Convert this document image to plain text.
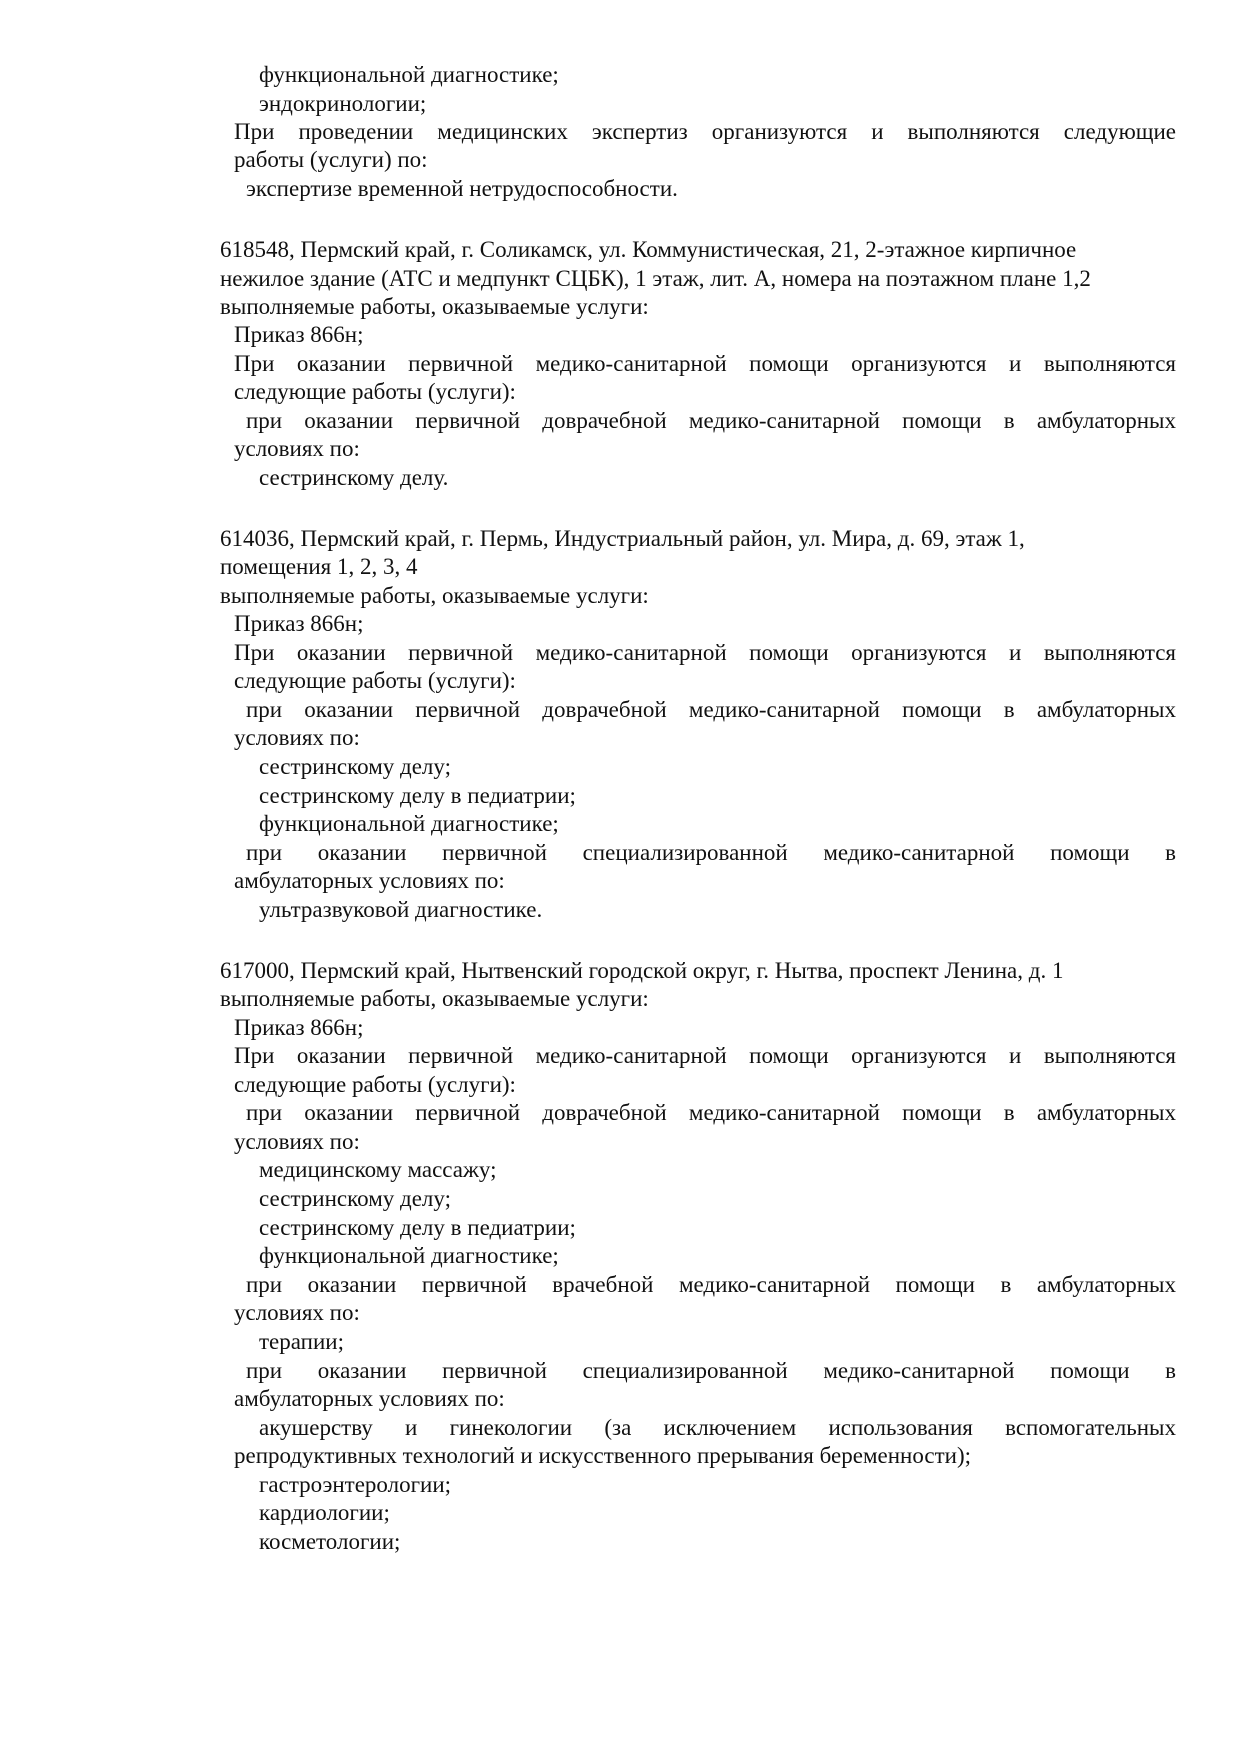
функциональной диагностике;
эндокринологии;
При проведении медицинских экспертиз организуются и выполняются следующие
работы (услуги) по:
экспертизе временной нетрудоспособности.
618548, Пермский край, г. Соликамск, ул. Коммунистическая, 21, 2-этажное кирпичное
нежилое здание (АТС и медпункт СЦБК), 1 этаж, лит. А, номера на поэтажном плане 1,2
выполняемые работы, оказываемые услуги:
Приказ 866н;
При оказании первичной медико-санитарной помощи организуются и выполняются
следующие работы (услуги):
при оказании первичной доврачебной медико-санитарной помощи в амбулаторных
условиях по:
сестринскому делу.
614036, Пермский край, г. Пермь, Индустриальный район, ул. Мира, д. 69, этаж 1,
помещения 1, 2, 3, 4
выполняемые работы, оказываемые услуги:
Приказ 866н;
При оказании первичной медико-санитарной помощи организуются и выполняются
следующие работы (услуги):
при оказании первичной доврачебной медико-санитарной помощи в амбулаторных
условиях по:
сестринскому делу;
сестринскому делу в педиатрии;
функциональной диагностике;
при оказании первичной специализированной медико-санитарной помощи в
амбулаторных условиях по:
ультразвуковой диагностике.
617000, Пермский край, Нытвенский городской округ, г. Нытва, проспект Ленина, д. 1
выполняемые работы, оказываемые услуги:
Приказ 866н;
При оказании первичной медико-санитарной помощи организуются и выполняются
следующие работы (услуги):
при оказании первичной доврачебной медико-санитарной помощи в амбулаторных
условиях по:
медицинскому массажу;
сестринскому делу;
сестринскому делу в педиатрии;
функциональной диагностике;
при оказании первичной врачебной медико-санитарной помощи в амбулаторных
условиях по:
терапии;
при оказании первичной специализированной медико-санитарной помощи в
амбулаторных условиях по:
акушерству и гинекологии (за исключением использования вспомогательных
репродуктивных технологий и искусственного прерывания беременности);
гастроэнтерологии;
кардиологии;
косметологии;
